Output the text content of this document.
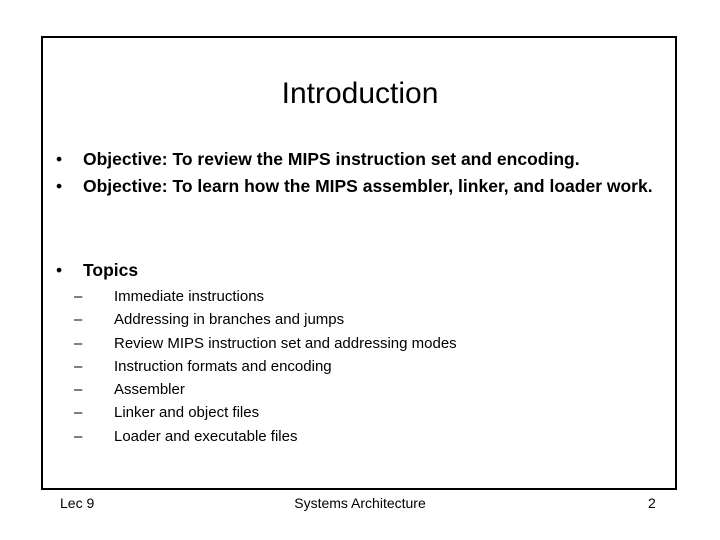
Introduction
• Objective: To review the MIPS instruction set and encoding.
• Objective: To learn how the MIPS assembler, linker, and loader work.
• Topics
– Immediate instructions
– Addressing in branches and jumps
– Review MIPS instruction set and addressing modes
– Instruction formats and encoding
– Assembler
– Linker and object files
– Loader and executable files
Lec 9	Systems Architecture	2
